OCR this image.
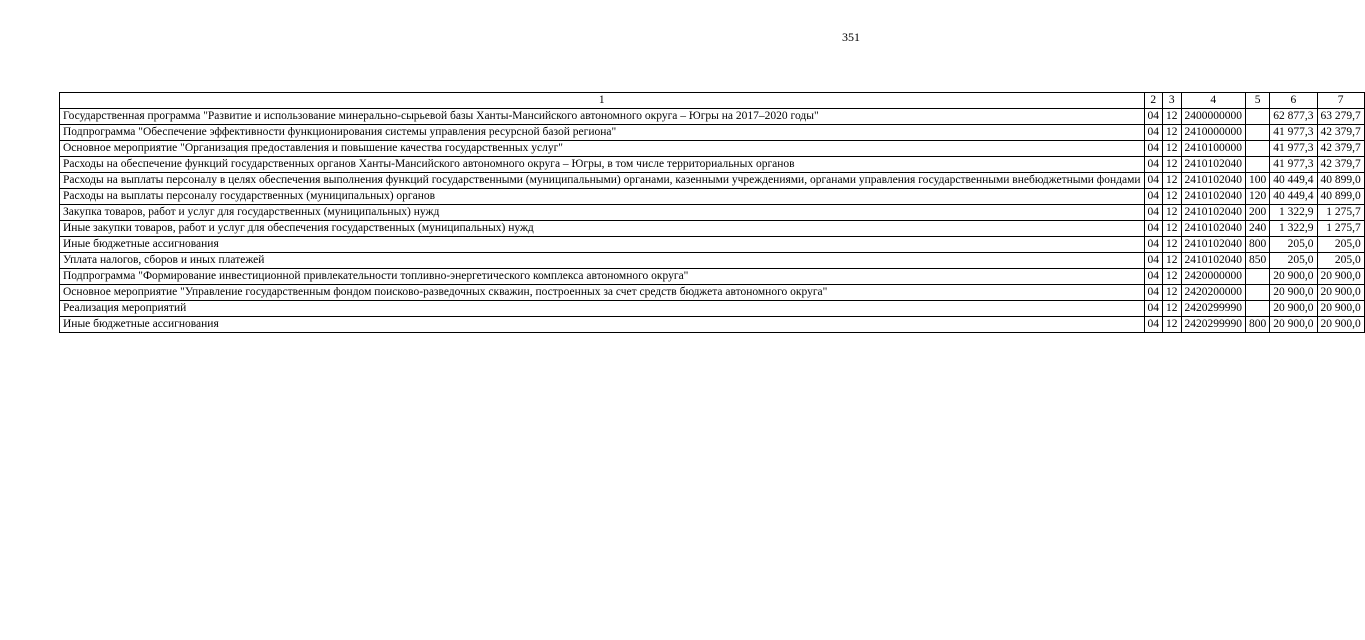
351
1	2	3	4	5	6	7
Государственная программа "Развитие и использование минерально-сырьевой базы Ханты-Мансийского автономного округа – Югры на 2017–2020 годы"	04	12	2400000000		62 877,3	63 279,7
Подпрограмма "Обеспечение эффективности функционирования системы управления ресурсной базой региона"	04	12	2410000000		41 977,3	42 379,7
Основное мероприятие "Организация предоставления и повышение качества государственных услуг"	04	12	2410100000		41 977,3	42 379,7
Расходы на обеспечение функций государственных органов Ханты-Мансийского автономного округа – Югры, в том числе территориальных органов	04	12	2410102040		41 977,3	42 379,7
Расходы на выплаты персоналу в целях обеспечения выполнения функций государственными (муниципальными) органами, казенными учреждениями, органами управления государственными внебюджетными фондами	04	12	2410102040	100	40 449,4	40 899,0
Расходы на выплаты персоналу государственных (муниципальных) органов	04	12	2410102040	120	40 449,4	40 899,0
Закупка товаров, работ и услуг для государственных (муниципальных) нужд	04	12	2410102040	200	1 322,9	1 275,7
Иные закупки товаров, работ и услуг для обеспечения государственных (муниципальных) нужд	04	12	2410102040	240	1 322,9	1 275,7
Иные бюджетные ассигнования	04	12	2410102040	800	205,0	205,0
Уплата налогов, сборов и иных платежей	04	12	2410102040	850	205,0	205,0
Подпрограмма "Формирование инвестиционной привлекательности топливно-энергетического комплекса автономного округа"	04	12	2420000000		20 900,0	20 900,0
Основное мероприятие "Управление государственным фондом поисково-разведочных скважин, построенных за счет средств бюджета автономного округа"	04	12	2420200000		20 900,0	20 900,0
Реализация мероприятий	04	12	2420299990		20 900,0	20 900,0
Иные бюджетные ассигнования	04	12	2420299990	800	20 900,0	20 900,0
